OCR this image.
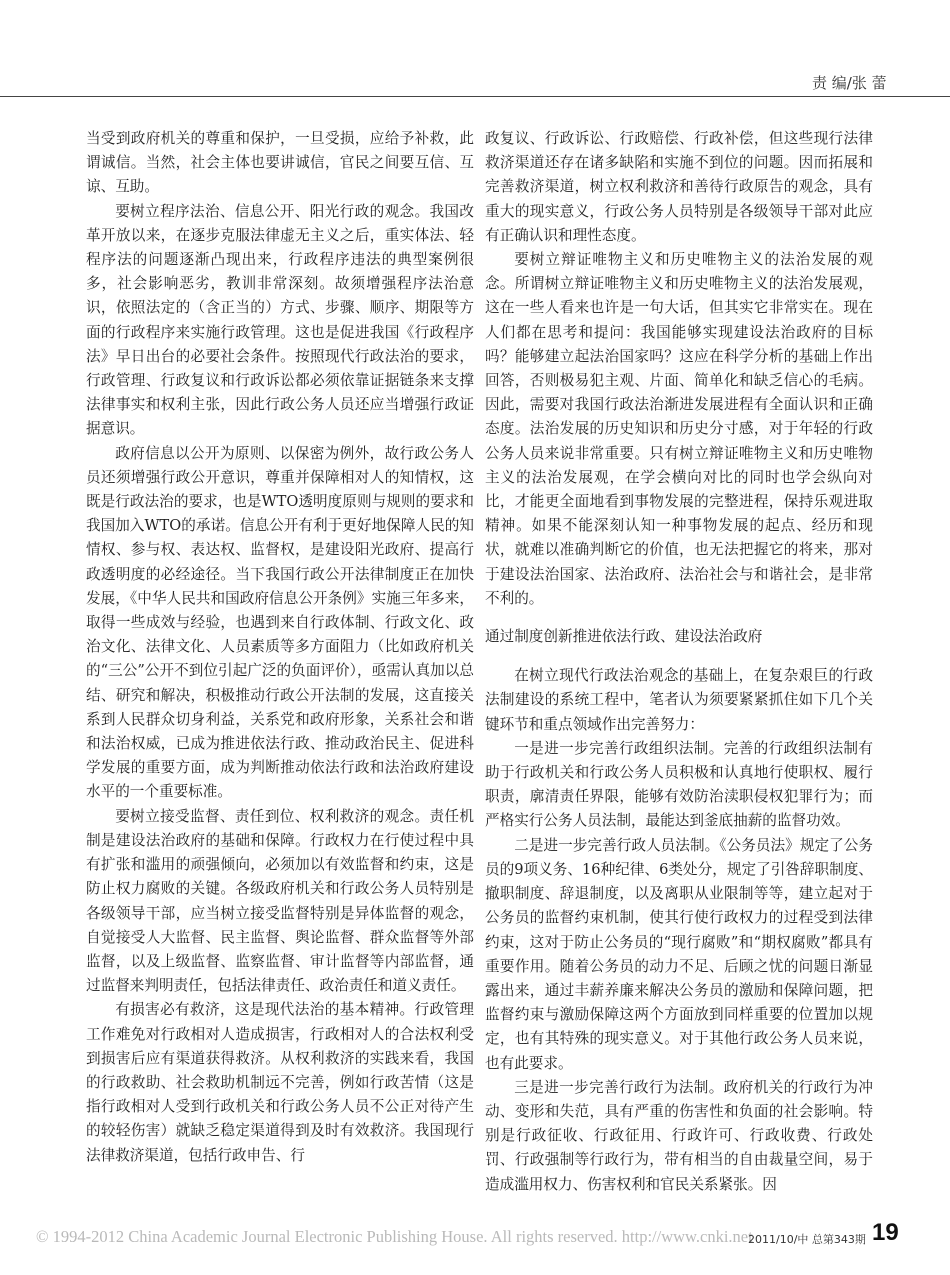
责 编/张 蕾

当受到政府机关的尊重和保护，一旦受损，应给予补救，此谓诚信。当然，社会主体也要讲诚信，官民之间要互信、互谅、互助。

要树立程序法治、信息公开、阳光行政的观念。我国改革开放以来，在逐步克服法律虚无主义之后，重实体法、轻程序法的问题逐渐凸现出来，行政程序违法的典型案例很多，社会影响恶劣，教训非常深刻。故须增强程序法治意识，依照法定的（含正当的）方式、步骤、顺序、期限等方面的行政程序来实施行政管理。这也是促进我国《行政程序法》早日出台的必要社会条件。按照现代行政法治的要求，行政管理、行政复议和行政诉讼都必须依靠证据链条来支撑法律事实和权利主张，因此行政公务人员还应当增强行政证据意识。

政府信息以公开为原则、以保密为例外，故行政公务人员还须增强行政公开意识，尊重并保障相对人的知情权，这既是行政法治的要求，也是WTO透明度原则与规则的要求和我国加入WTO的承诺。信息公开有利于更好地保障人民的知情权、参与权、表达权、监督权，是建设阳光政府、提高行政透明度的必经途径。当下我国行政公开法律制度正在加快发展，《中华人民共和国政府信息公开条例》实施三年多来，取得一些成效与经验，也遇到来自行政体制、行政文化、政治文化、法律文化、人员素质等多方面阻力（比如政府机关的“三公”公开不到位引起广泛的负面评价），亟需认真加以总结、研究和解决，积极推动行政公开法制的发展，这直接关系到人民群众切身利益，关系党和政府形象，关系社会和谐和法治权威，已成为推进依法行政、推动政治民主、促进科学发展的重要方面，成为判断推动依法行政和法治政府建设水平的一个重要标准。

要树立接受监督、责任到位、权利救济的观念。责任机制是建设法治政府的基础和保障。行政权力在行使过程中具有扩张和滥用的顽强倾向，必须加以有效监督和约束，这是防止权力腐败的关键。各级政府机关和行政公务人员特别是各级领导干部，应当树立接受监督特别是异体监督的观念，自觉接受人大监督、民主监督、舆论监督、群众监督等外部监督，以及上级监督、监察监督、审计监督等内部监督，通过监督来判明责任，包括法律责任、政治责任和道义责任。

有损害必有救济，这是现代法治的基本精神。行政管理工作难免对行政相对人造成损害，行政相对人的合法权利受到损害后应有渠道获得救济。从权利救济的实践来看，我国的行政救助、社会救助机制远不完善，例如行政苦情（这是指行政相对人受到行政机关和行政公务人员不公正对待产生的较轻伤害）就缺乏稳定渠道得到及时有效救济。我国现行法律救济渠道，包括行政申告、行

政复议、行政诉讼、行政赔偿、行政补偿，但这些现行法律救济渠道还存在诸多缺陷和实施不到位的问题。因而拓展和完善救济渠道，树立权利救济和善待行政原告的观念，具有重大的现实意义，行政公务人员特别是各级领导干部对此应有正确认识和理性态度。

要树立辩证唯物主义和历史唯物主义的法治发展的观念。所谓树立辩证唯物主义和历史唯物主义的法治发展观，这在一些人看来也许是一句大话，但其实它非常实在。现在人们都在思考和提问：我国能够实现建设法治政府的目标吗？能够建立起法治国家吗？这应在科学分析的基础上作出回答，否则极易犯主观、片面、简单化和缺乏信心的毛病。因此，需要对我国行政法治渐进发展进程有全面认识和正确态度。法治发展的历史知识和历史分寸感，对于年轻的行政公务人员来说非常重要。只有树立辩证唯物主义和历史唯物主义的法治发展观，在学会横向对比的同时也学会纵向对比，才能更全面地看到事物发展的完整进程，保持乐观进取精神。如果不能深刻认知一种事物发展的起点、经历和现状，就难以准确判断它的价值，也无法把握它的将来，那对于建设法治国家、法治政府、法治社会与和谐社会，是非常不利的。

通过制度创新推进依法行政、建设法治政府

在树立现代行政法治观念的基础上，在复杂艰巨的行政法制建设的系统工程中，笔者认为须要紧紧抓住如下几个关键环节和重点领域作出完善努力：

一是进一步完善行政组织法制。完善的行政组织法制有助于行政机关和行政公务人员积极和认真地行使职权、履行职责，廓清责任界限，能够有效防治渎职侵权犯罪行为；而严格实行公务人员法制，最能达到釜底抽薪的监督功效。

二是进一步完善行政人员法制。《公务员法》规定了公务员的9项义务、16种纪律、6类处分，规定了引咎辞职制度、撤职制度、辞退制度，以及离职从业限制等等，建立起对于公务员的监督约束机制，使其行使行政权力的过程受到法律约束，这对于防止公务员的“现行腐败”和“期权腐败”都具有重要作用。随着公务员的动力不足、后顾之忧的问题日渐显露出来，通过丰薪养廉来解决公务员的激励和保障问题，把监督约束与激励保障这两个方面放到同样重要的位置加以规定，也有其特殊的现实意义。对于其他行政公务人员来说，也有此要求。

三是进一步完善行政行为法制。政府机关的行政行为冲动、变形和失范，具有严重的伤害性和负面的社会影响。特别是行政征收、行政征用、行政许可、行政收费、行政处罚、行政强制等行政行为，带有相当的自由裁量空间，易于造成滥用权力、伤害权利和官民关系紧张。因

© 1994-2012 China Academic Journal Electronic Publishing House. All rights reserved. http://www.cnki.net
2011/10/中 总第343期 19
